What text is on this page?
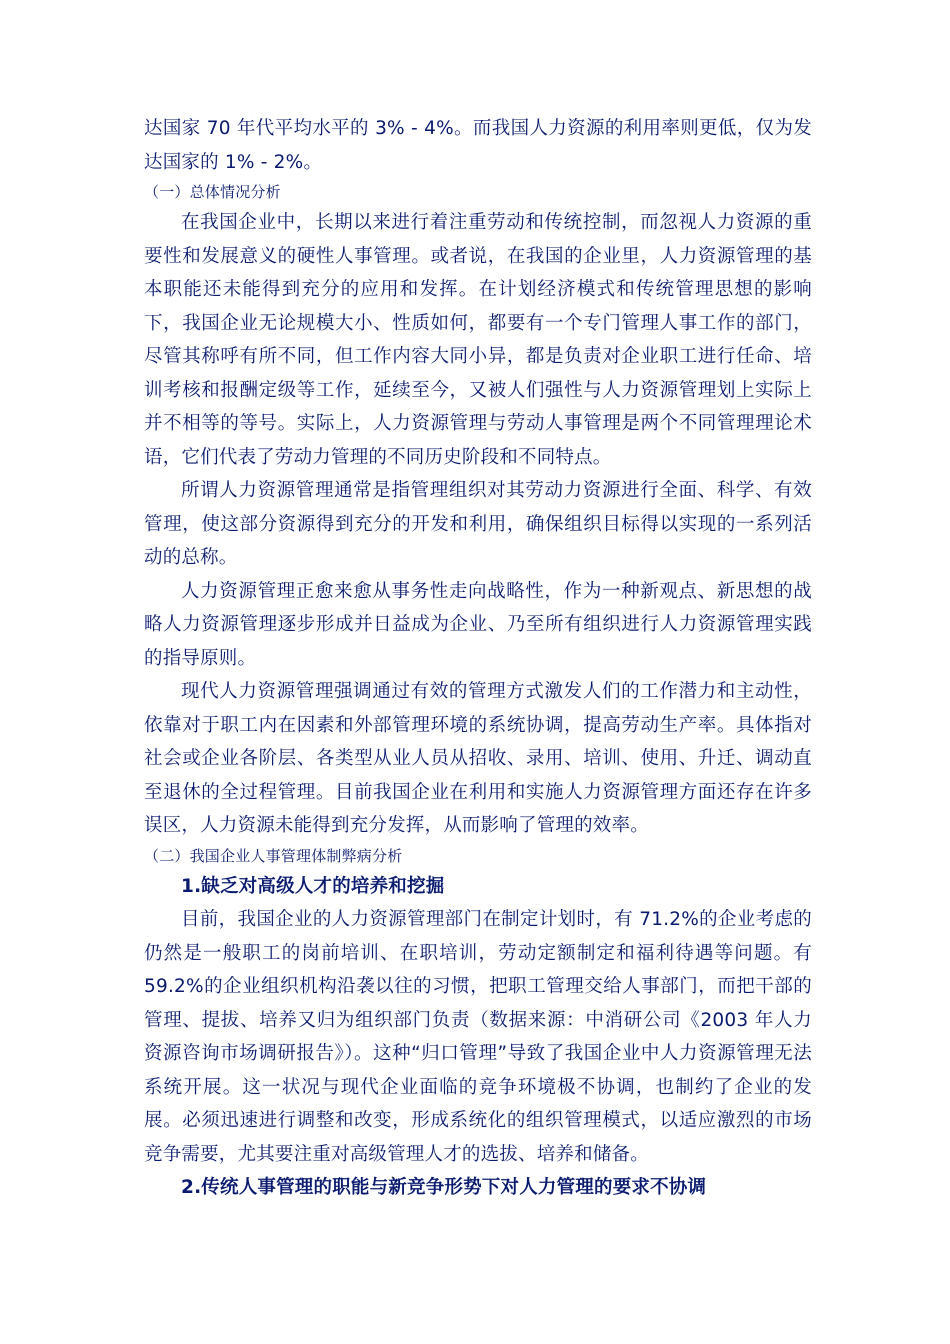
达国家 70 年代平均水平的 3% - 4%。而我国人力资源的利用率则更低，仅为发达国家的 1% - 2%。

（一）总体情况分析

在我国企业中，长期以来进行着注重劳动和传统控制，而忽视人力资源的重要性和发展意义的硬性人事管理。或者说，在我国的企业里，人力资源管理的基本职能还未能得到充分的应用和发挥。在计划经济模式和传统管理思想的影响下，我国企业无论规模大小、性质如何，都要有一个专门管理人事工作的部门，尽管其称呼有所不同，但工作内容大同小异，都是负责对企业职工进行任命、培训考核和报酬定级等工作，延续至今，又被人们强性与人力资源管理划上实际上并不相等的等号。实际上，人力资源管理与劳动人事管理是两个不同管理理论术语，它们代表了劳动力管理的不同历史阶段和不同特点。

所谓人力资源管理通常是指管理组织对其劳动力资源进行全面、科学、有效管理，使这部分资源得到充分的开发和利用，确保组织目标得以实现的一系列活动的总称。

人力资源管理正愈来愈从事务性走向战略性，作为一种新观点、新思想的战略人力资源管理逐步形成并日益成为企业、乃至所有组织进行人力资源管理实践的指导原则。

现代人力资源管理强调通过有效的管理方式激发人们的工作潜力和主动性，依靠对于职工内在因素和外部管理环境的系统协调，提高劳动生产率。具体指对社会或企业各阶层、各类型从业人员从招收、录用、培训、使用、升迁、调动直至退休的全过程管理。目前我国企业在利用和实施人力资源管理方面还存在许多误区，人力资源未能得到充分发挥，从而影响了管理的效率。

（二）我国企业人事管理体制弊病分析

1.缺乏对高级人才的培养和挖掘

目前，我国企业的人力资源管理部门在制定计划时，有 71.2%的企业考虑的仍然是一般职工的岗前培训、在职培训，劳动定额制定和福利待遇等问题。有 59.2%的企业组织机构沿袭以往的习惯，把职工管理交给人事部门，而把干部的管理、提拔、培养又归为组织部门负责（数据来源：中消研公司《2003 年人力资源咨询市场调研报告》）。这种“归口管理”导致了我国企业中人力资源管理无法系统开展。这一状况与现代企业面临的竞争环境极不协调，也制约了企业的发展。必须迅速进行调整和改变，形成系统化的组织管理模式，以适应激烈的市场竞争需要，尤其要注重对高级管理人才的选拔、培养和储备。

2.传统人事管理的职能与新竞争形势下对人力管理的要求不协调
